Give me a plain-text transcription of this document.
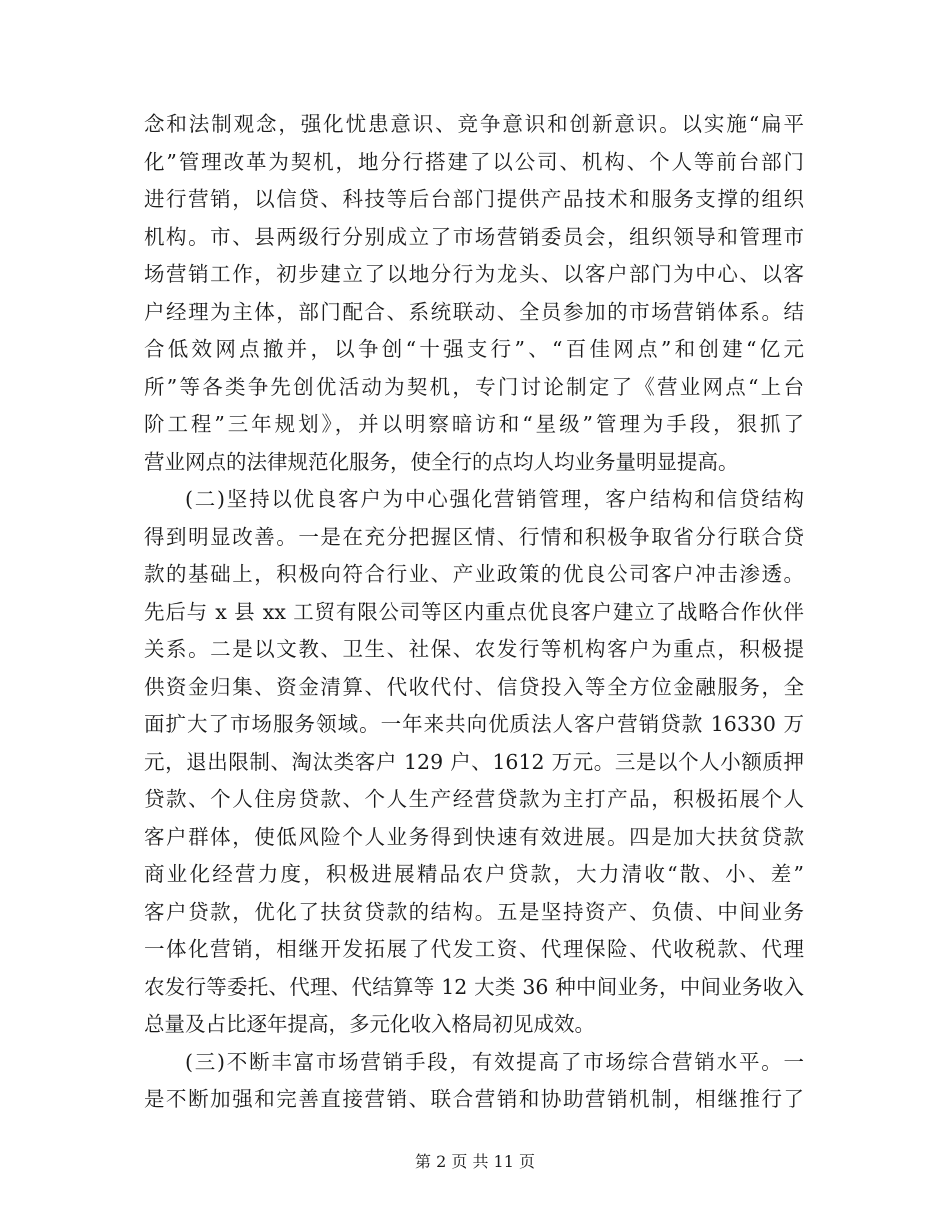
念和法制观念，强化忧患意识、竞争意识和创新意识。以实施“扁平
化”管理改革为契机，地分行搭建了以公司、机构、个人等前台部门
进行营销，以信贷、科技等后台部门提供产品技术和服务支撑的组织
机构。市、县两级行分别成立了市场营销委员会，组织领导和管理市
场营销工作，初步建立了以地分行为龙头、以客户部门为中心、以客
户经理为主体，部门配合、系统联动、全员参加的市场营销体系。结
合低效网点撤并，以争创“十强支行”、“百佳网点”和创建“亿元
所”等各类争先创优活动为契机，专门讨论制定了《营业网点“上台
阶工程”三年规划》，并以明察暗访和“星级”管理为手段，狠抓了
营业网点的法律规范化服务，使全行的点均人均业务量明显提高。
(二)坚持以优良客户为中心强化营销管理，客户结构和信贷结构
得到明显改善。一是在充分把握区情、行情和积极争取省分行联合贷
款的基础上，积极向符合行业、产业政策的优良公司客户冲击渗透。
先后与 x 县 xx 工贸有限公司等区内重点优良客户建立了战略合作伙伴
关系。二是以文教、卫生、社保、农发行等机构客户为重点，积极提
供资金归集、资金清算、代收代付、信贷投入等全方位金融服务，全
面扩大了市场服务领域。一年来共向优质法人客户营销贷款 16330 万
元，退出限制、淘汰类客户 129 户、1612 万元。三是以个人小额质押
贷款、个人住房贷款、个人生产经营贷款为主打产品，积极拓展个人
客户群体，使低风险个人业务得到快速有效进展。四是加大扶贫贷款
商业化经营力度，积极进展精品农户贷款，大力清收“散、小、差”
客户贷款，优化了扶贫贷款的结构。五是坚持资产、负债、中间业务
一体化营销，相继开发拓展了代发工资、代理保险、代收税款、代理
农发行等委托、代理、代结算等 12 大类 36 种中间业务，中间业务收入
总量及占比逐年提高，多元化收入格局初见成效。
(三)不断丰富市场营销手段，有效提高了市场综合营销水平。一
是不断加强和完善直接营销、联合营销和协助营销机制，相继推行了
第 2 页 共 11 页
